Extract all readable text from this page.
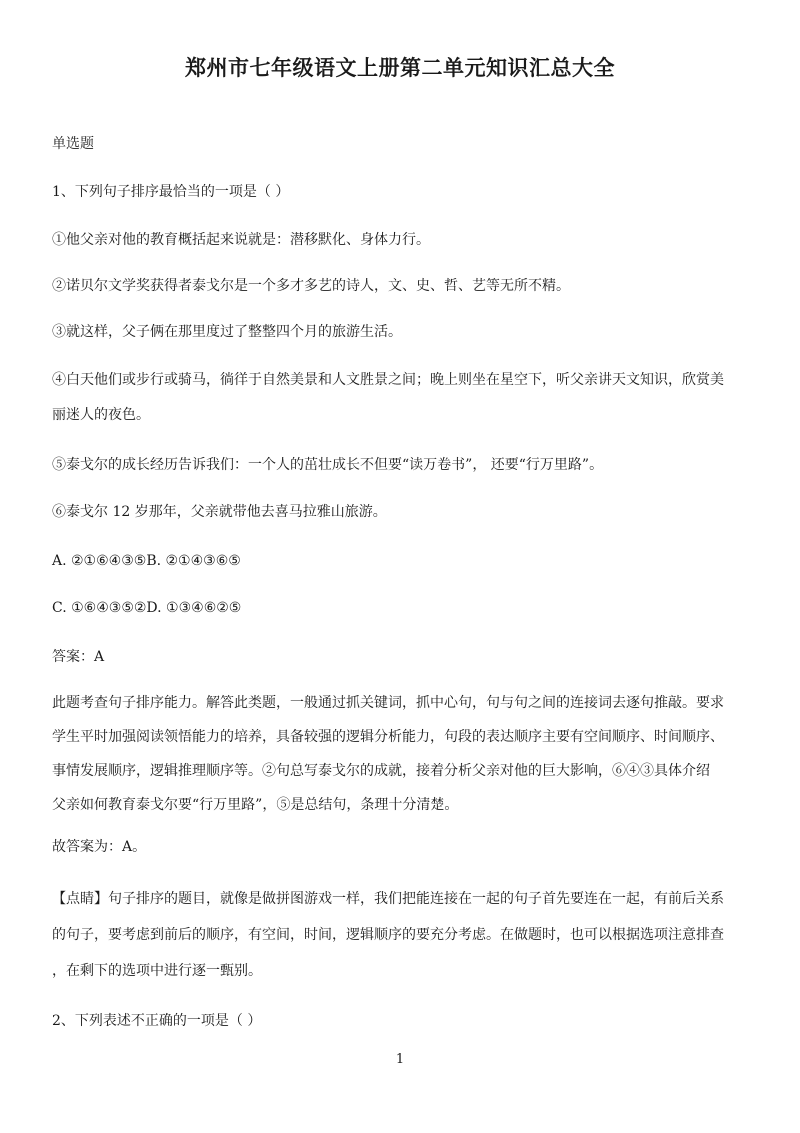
郑州市七年级语文上册第二单元知识汇总大全
单选题
1、下列句子排序最恰当的一项是（ ）
①他父亲对他的教育概括起来说就是：潜移默化、身体力行。
②诺贝尔文学奖获得者泰戈尔是一个多才多艺的诗人，文、史、哲、艺等无所不精。
③就这样，父子俩在那里度过了整整四个月的旅游生活。
④白天他们或步行或骑马，徜徉于自然美景和人文胜景之间；晚上则坐在星空下，听父亲讲天文知识，欣赏美
丽迷人的夜色。
⑤泰戈尔的成长经历告诉我们：一个人的茁壮成长不但要“读万卷书”， 还要“行万里路”。
⑥泰戈尔 12 岁那年，父亲就带他去喜马拉雅山旅游。
A. ②①⑥④③⑤B. ②①④③⑥⑤
C. ①⑥④③⑤②D. ①③④⑥②⑤
答案：A
此题考查句子排序能力。解答此类题，一般通过抓关键词，抓中心句，句与句之间的连接词去逐句推敲。要求
学生平时加强阅读领悟能力的培养，具备较强的逻辑分析能力，句段的表达顺序主要有空间顺序、时间顺序、
事情发展顺序，逻辑推理顺序等。②句总写泰戈尔的成就，接着分析父亲对他的巨大影响，⑥④③具体介绍
父亲如何教育泰戈尔要“行万里路”，⑤是总结句，条理十分清楚。
故答案为：A。
【点睛】句子排序的题目，就像是做拼图游戏一样，我们把能连接在一起的句子首先要连在一起，有前后关系
的句子，要考虑到前后的顺序，有空间，时间，逻辑顺序的要充分考虑。在做题时，也可以根据选项注意排查
，在剩下的选项中进行逐一甄别。
2、下列表述不正确的一项是（ ）
1
